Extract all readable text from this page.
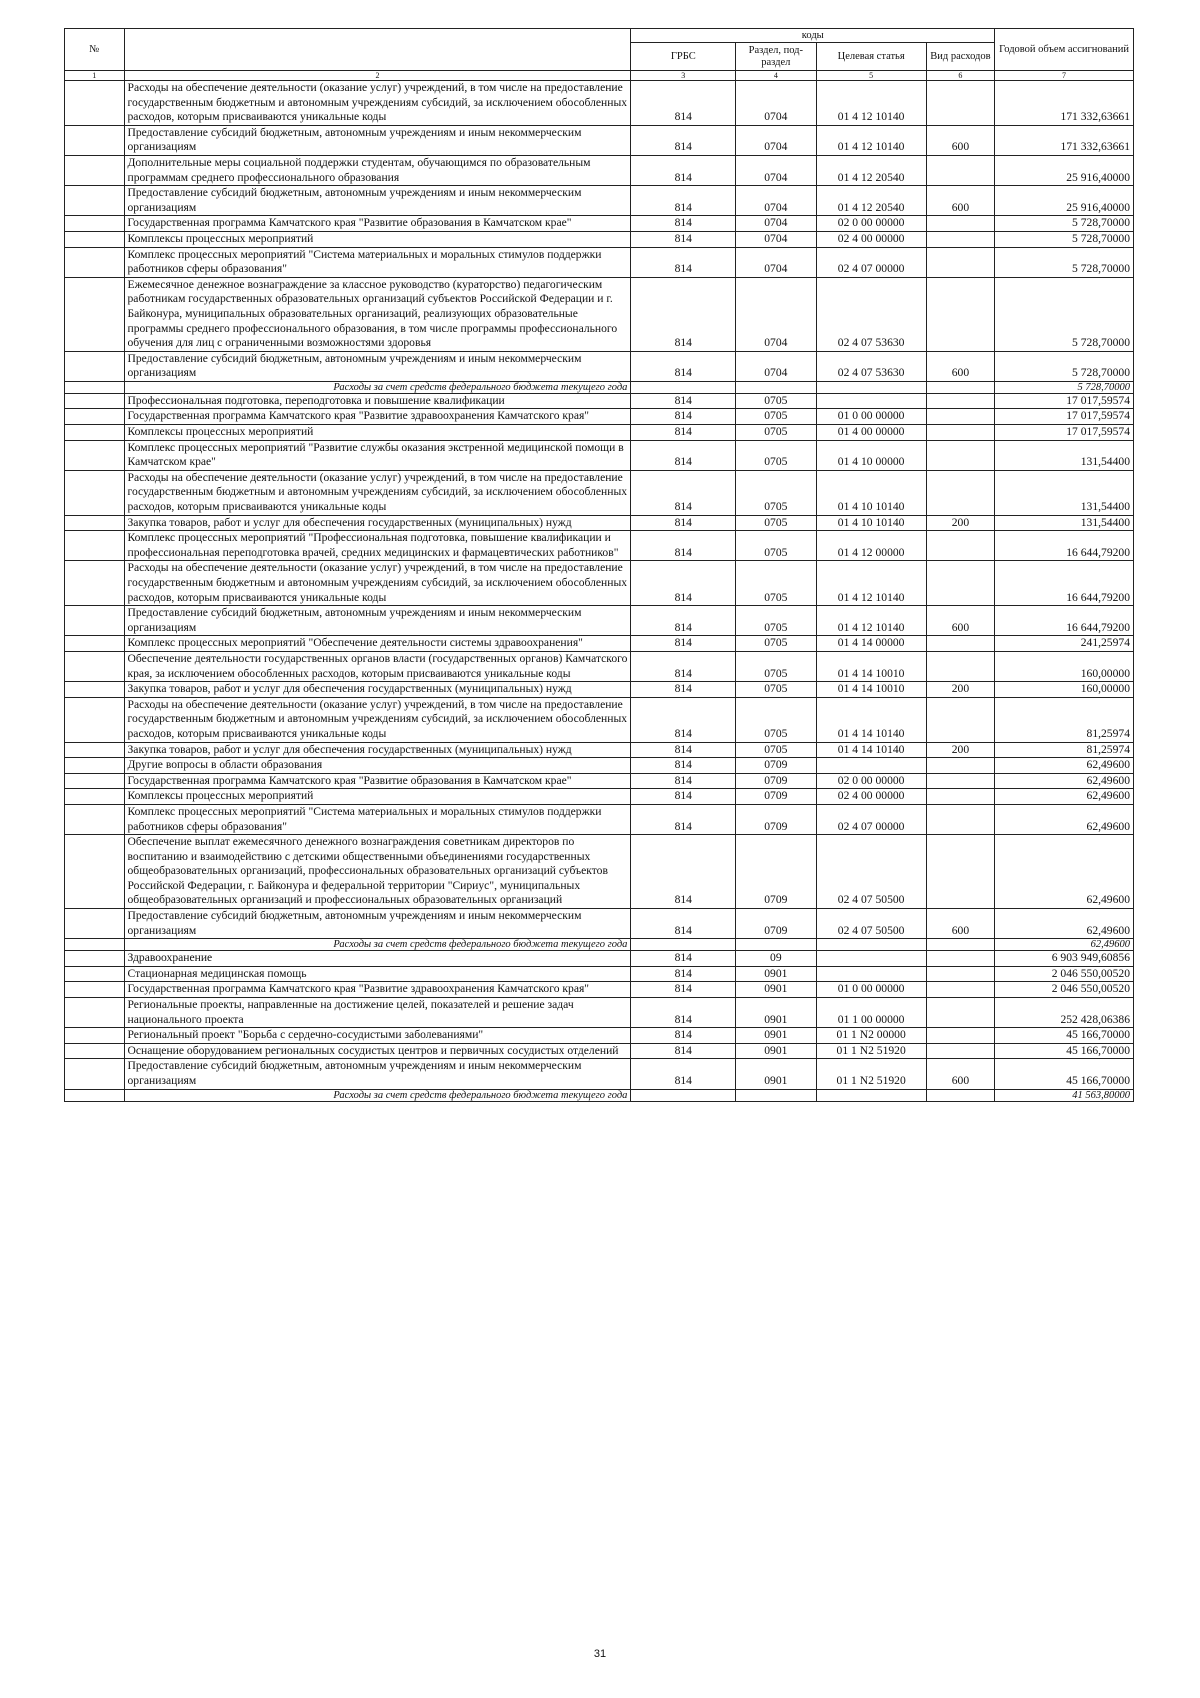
№		коды				Годовой объем ассигнований
		ГРБС	Раздел, под-раздел	Целевая статья	Вид расходов	
1	2	3	4	5	6	7
	Расходы на обеспечение деятельности (оказание услуг) учреждений, в том числе на предоставление государственным бюджетным и автономным учреждениям субсидий, за исключением обособленных расходов, которым присваиваются уникальные коды	814	0704	01 4 12 10140		171 332,63661
	Предоставление субсидий бюджетным, автономным учреждениям и иным некоммерческим организациям	814	0704	01 4 12 10140	600	171 332,63661
	Дополнительные меры социальной поддержки студентам, обучающимся по образовательным программам среднего профессионального образования	814	0704	01 4 12 20540		25 916,40000
	Предоставление субсидий бюджетным, автономным учреждениям и иным некоммерческим организациям	814	0704	01 4 12 20540	600	25 916,40000
	Государственная программа Камчатского края "Развитие образования в Камчатском крае"	814	0704	02 0 00 00000		5 728,70000
	Комплексы процессных мероприятий	814	0704	02 4 00 00000		5 728,70000
	Комплекс процессных мероприятий "Система материальных и моральных стимулов поддержки работников сферы образования"	814	0704	02 4 07 00000		5 728,70000
	Ежемесячное денежное вознаграждение за классное руководство (кураторство) педагогическим работникам государственных образовательных организаций субъектов Российской Федерации и г. Байконура, муниципальных образовательных организаций, реализующих образовательные программы среднего профессионального образования, в том числе программы профессионального обучения для лиц с ограниченными возможностями здоровья	814	0704	02 4 07 53630		5 728,70000
	Предоставление субсидий бюджетным, автономным учреждениям и иным некоммерческим организациям	814	0704	02 4 07 53630	600	5 728,70000
	Расходы за счет средств федерального бюджета текущего года					5 728,70000
	Профессиональная подготовка, переподготовка и повышение квалификации	814	0705			17 017,59574
	Государственная программа Камчатского края "Развитие здравоохранения Камчатского края"	814	0705	01 0 00 00000		17 017,59574
	Комплексы процессных мероприятий	814	0705	01 4 00 00000		17 017,59574
	Комплекс процессных мероприятий "Развитие службы оказания экстренной медицинской помощи в Камчатском крае"	814	0705	01 4 10 00000		131,54400
	Расходы на обеспечение деятельности (оказание услуг) учреждений, в том числе на предоставление государственным бюджетным и автономным учреждениям субсидий, за исключением обособленных расходов, которым присваиваются уникальные коды	814	0705	01 4 10 10140		131,54400
	Закупка товаров, работ и услуг для обеспечения государственных (муниципальных) нужд	814	0705	01 4 10 10140	200	131,54400
	Комплекс процессных мероприятий "Профессиональная подготовка, повышение квалификации и профессиональная переподготовка врачей, средних медицинских и фармацевтических работников"	814	0705	01 4 12 00000		16 644,79200
	Расходы на обеспечение деятельности (оказание услуг) учреждений, в том числе на предоставление государственным бюджетным и автономным учреждениям субсидий, за исключением обособленных расходов, которым присваиваются уникальные коды	814	0705	01 4 12 10140		16 644,79200
	Предоставление субсидий бюджетным, автономным учреждениям и иным некоммерческим организациям	814	0705	01 4 12 10140	600	16 644,79200
	Комплекс процессных мероприятий "Обеспечение деятельности системы здравоохранения"	814	0705	01 4 14 00000		241,25974
	Обеспечение деятельности государственных органов власти (государственных органов) Камчатского края, за исключением обособленных расходов, которым присваиваются уникальные коды	814	0705	01 4 14 10010		160,00000
	Закупка товаров, работ и услуг для обеспечения государственных (муниципальных) нужд	814	0705	01 4 14 10010	200	160,00000
	Расходы на обеспечение деятельности (оказание услуг) учреждений, в том числе на предоставление государственным бюджетным и автономным учреждениям субсидий, за исключением обособленных расходов, которым присваиваются уникальные коды	814	0705	01 4 14 10140		81,25974
	Закупка товаров, работ и услуг для обеспечения государственных (муниципальных) нужд	814	0705	01 4 14 10140	200	81,25974
	Другие вопросы в области образования	814	0709			62,49600
	Государственная программа Камчатского края "Развитие образования в Камчатском крае"	814	0709	02 0 00 00000		62,49600
	Комплексы процессных мероприятий	814	0709	02 4 00 00000		62,49600
	Комплекс процессных мероприятий "Система материальных и моральных стимулов поддержки работников сферы образования"	814	0709	02 4 07 00000		62,49600
	Обеспечение выплат ежемесячного денежного вознаграждения советникам директоров по воспитанию и взаимодействию с детскими общественными объединениями государственных общеобразовательных организаций, профессиональных образовательных организаций субъектов Российской Федерации, г. Байконура и федеральной территории "Сириус", муниципальных общеобразовательных организаций и профессиональных образовательных организаций	814	0709	02 4 07 50500		62,49600
	Предоставление субсидий бюджетным, автономным учреждениям и иным некоммерческим организациям	814	0709	02 4 07 50500	600	62,49600
	Расходы за счет средств федерального бюджета текущего года					62,49600
	Здравоохранение	814	09			6 903 949,60856
	Стационарная медицинская помощь	814	0901			2 046 550,00520
	Государственная программа Камчатского края "Развитие здравоохранения Камчатского края"	814	0901	01 0 00 00000		2 046 550,00520
	Региональные проекты, направленные на достижение целей, показателей и решение задач национального проекта	814	0901	01 1 00 00000		252 428,06386
	Региональный проект "Борьба с сердечно-сосудистыми заболеваниями"	814	0901	01 1 N2 00000		45 166,70000
	Оснащение оборудованием региональных сосудистых центров и первичных сосудистых отделений	814	0901	01 1 N2 51920		45 166,70000
	Предоставление субсидий бюджетным, автономным учреждениям и иным некоммерческим организациям	814	0901	01 1 N2 51920	600	45 166,70000
	Расходы за счет средств федерального бюджета текущего года					41 563,80000
31
